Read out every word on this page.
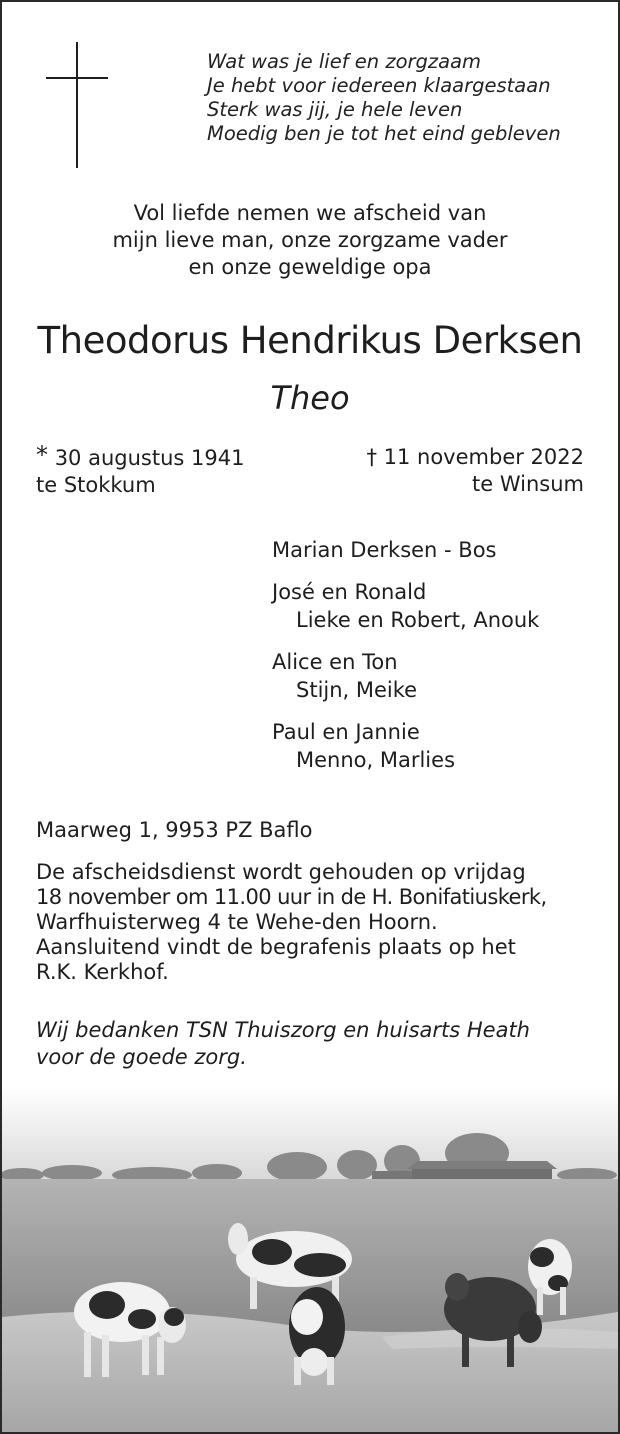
Wat was je lief en zorgzaam
Je hebt voor iedereen klaargestaan
Sterk was jij, je hele leven
Moedig ben je tot het eind gebleven
Vol liefde nemen we afscheid van
mijn lieve man, onze zorgzame vader
en onze geweldige opa
Theodorus Hendrikus Derksen
Theo
* 30 augustus 1941
te Stokkum
† 11 november 2022
te Winsum
Marian Derksen - Bos
José en Ronald
Lieke en Robert, Anouk
Alice en Ton
Stijn, Meike
Paul en Jannie
Menno, Marlies
Maarweg 1, 9953 PZ Baflo
De afscheidsdienst wordt gehouden op vrijdag
18 november om 11.00 uur in de H. Bonifatiuskerk,
Warfhuisterweg 4 te Wehe-den Hoorn.
Aansluitend vindt de begrafenis plaats op het
R.K. Kerkhof.
Wij bedanken TSN Thuiszorg en huisarts Heath
voor de goede zorg.
